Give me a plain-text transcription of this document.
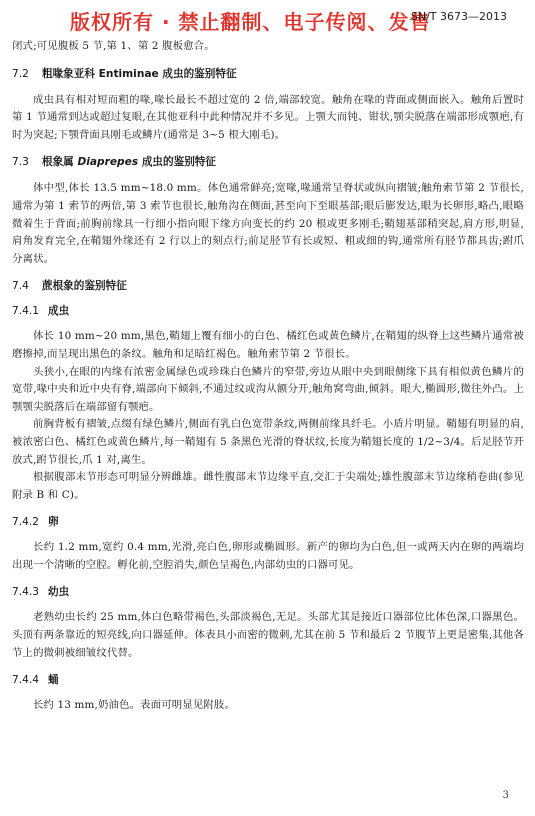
版权所有 · 禁止翻制、电子传阅、发售
SN/T 3673—2013

闭式;可见腹板 5 节,第 1、第 2 腹板愈合。

7.2 粗喙象亚科 Entiminae 成虫的鉴别特征

成虫具有相对短而粗的喙,喙长最长不超过宽的 2 倍,端部较宽。触角在喙的背面或侧面嵌入。触角后置时第 1 节通常到达或超过复眼,在其他亚科中此种情况并不多见。上颚大而钝、钳状,颚尖脱落在端部形成颚疤,有时为突起;下颚背面具刚毛或鳞片(通常是 3~5 根大刚毛)。

7.3 根象属 Diaprepes 成虫的鉴别特征

体中型,体长 13.5 mm~18.0 mm。体色通常鲜亮;宽喙,喙通常呈脊状或纵向褶皱;触角索节第 2 节很长,通常为第 1 索节的两倍,第 3 索节也很长,触角沟在侧面,甚至向下至眼基部;眼后膨发达,眼为长卵形,略凸,眼略微着生于背面;前胸前缘具一行细小指向眼下缘方向变长的约 20 根或更多刚毛;鞘翅基部稍突起,肩方形,明显,肩角发育完全,在鞘翅外缘还有 2 行以上的刻点行;前足胫节有长或短、粗或细的钩,通常所有胫节都具齿;跗爪分离状。

7.4 蔗根象的鉴别特征
7.4.1 成虫

体长 10 mm~20 mm,黑色,鞘翅上覆有细小的白色、橘红色或黄色鳞片,在鞘翅的纵脊上这些鳞片通常被磨擦掉,而呈现出黑色的条纹。触角和足暗红褐色。触角索节第 2 节很长。

头狭小,在眼的内缘有浓密金属绿色或珍珠白色鳞片的窄带,旁边从眼中央到眼侧缘下具有相似黄色鳞片的宽带,喙中央和近中央有脊,端部向下倾斜,不通过纹或沟从额分开,触角窝弯曲,倾斜。眼大,椭圆形,微往外凸。上颚颚尖脱落后在端部留有颚疤。

前胸背板有褶皱,点缀有绿色鳞片,侧面有乳白色宽带条纹,两侧前缘具纤毛。小盾片明显。鞘翅有明显的肩,被浓密白色、橘红色或黄色鳞片,每一鞘翅有 5 条黑色光滑的脊状纹,长度为鞘翅长度的 1/2~3/4。后足胫节开放式,跗节很长,爪 1 对,离生。

根据腹部末节形态可明显分辨雌雄。雌性腹部末节边缘平直,交汇于尖端处;雄性腹部末节边缘稍卷曲(参见附录 B 和 C)。

7.4.2 卵

长约 1.2 mm,宽约 0.4 mm,光滑,亮白色,卵形或椭圆形。新产的卵均为白色,但一或两天内在卵的两端均出现一个清晰的空腔。孵化前,空腔消失,颜色呈褐色,内部幼虫的口器可见。

7.4.3 幼虫

老熟幼虫长约 25 mm,体白色略带褐色,头部淡褐色,无足。头部尤其是接近口器部位比体色深,口器黑色。头顶有两条靠近的短亮线,向口器延伸。体表具小而密的微刺,尤其在前 5 节和最后 2 节腹节上更是密集,其他各节上的微刺被细皱纹代替。

7.4.4 蛹

长约 13 mm,奶油色。表面可明显见附肢。

3
